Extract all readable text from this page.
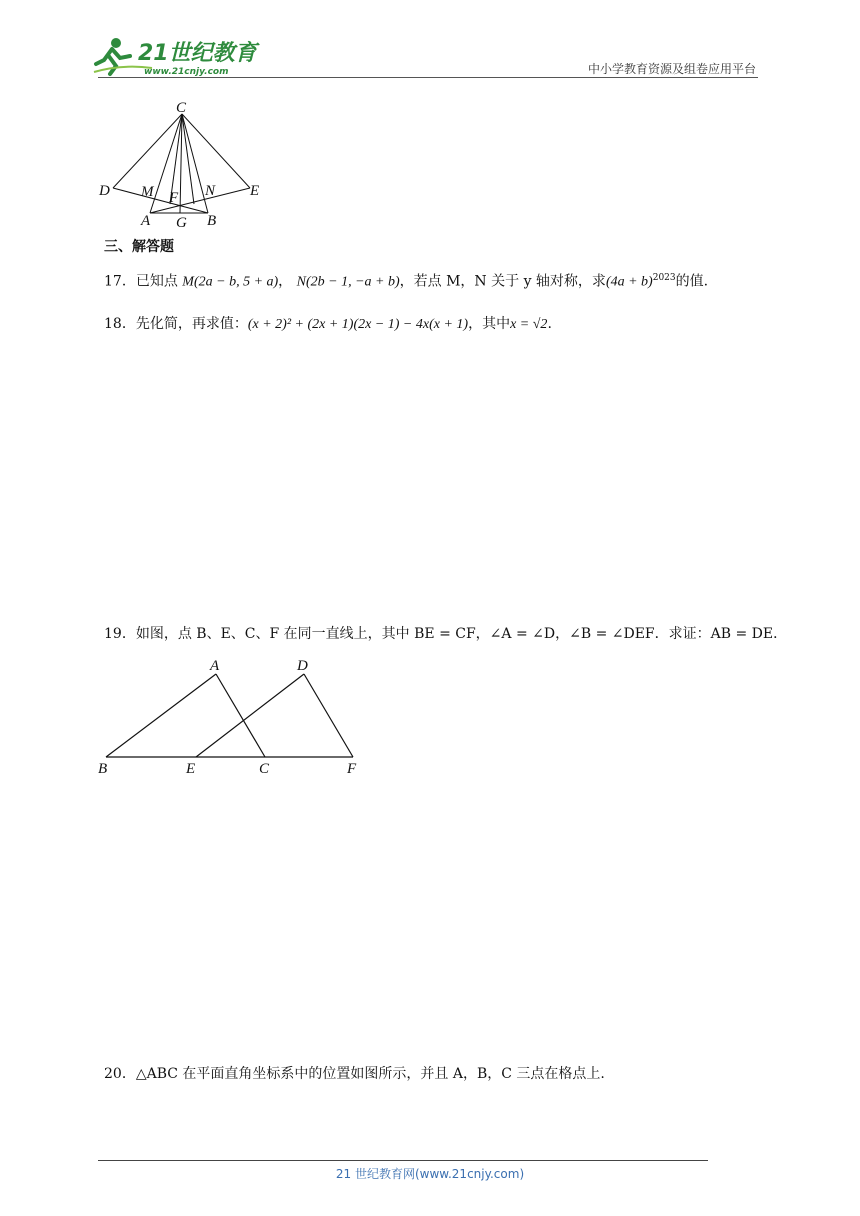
21世纪教育
www.21cnjy.com	中小学教育资源及组卷应用平台
C
D M F N E
A G B
三、解答题
17．已知点 M(2a − b, 5 + a)， N(2b − 1, −a + b)，若点 M，N 关于 y 轴对称，求$(4a + b)^{2023}$的值.
18．先化简，再求值：(x + 2)² + (2x + 1)(2x − 1) − 4x(x + 1)，其中x = √2.
19．如图，点 B、E、C、F 在同一直线上，其中 BE = CF，∠A = ∠D，∠B = ∠DEF．求证：AB = DE．
A	D
B	E	C	F
20．△ABC 在平面直角坐标系中的位置如图所示，并且 A，B，C 三点在格点上.
21 世纪教育网(www.21cnjy.com)
